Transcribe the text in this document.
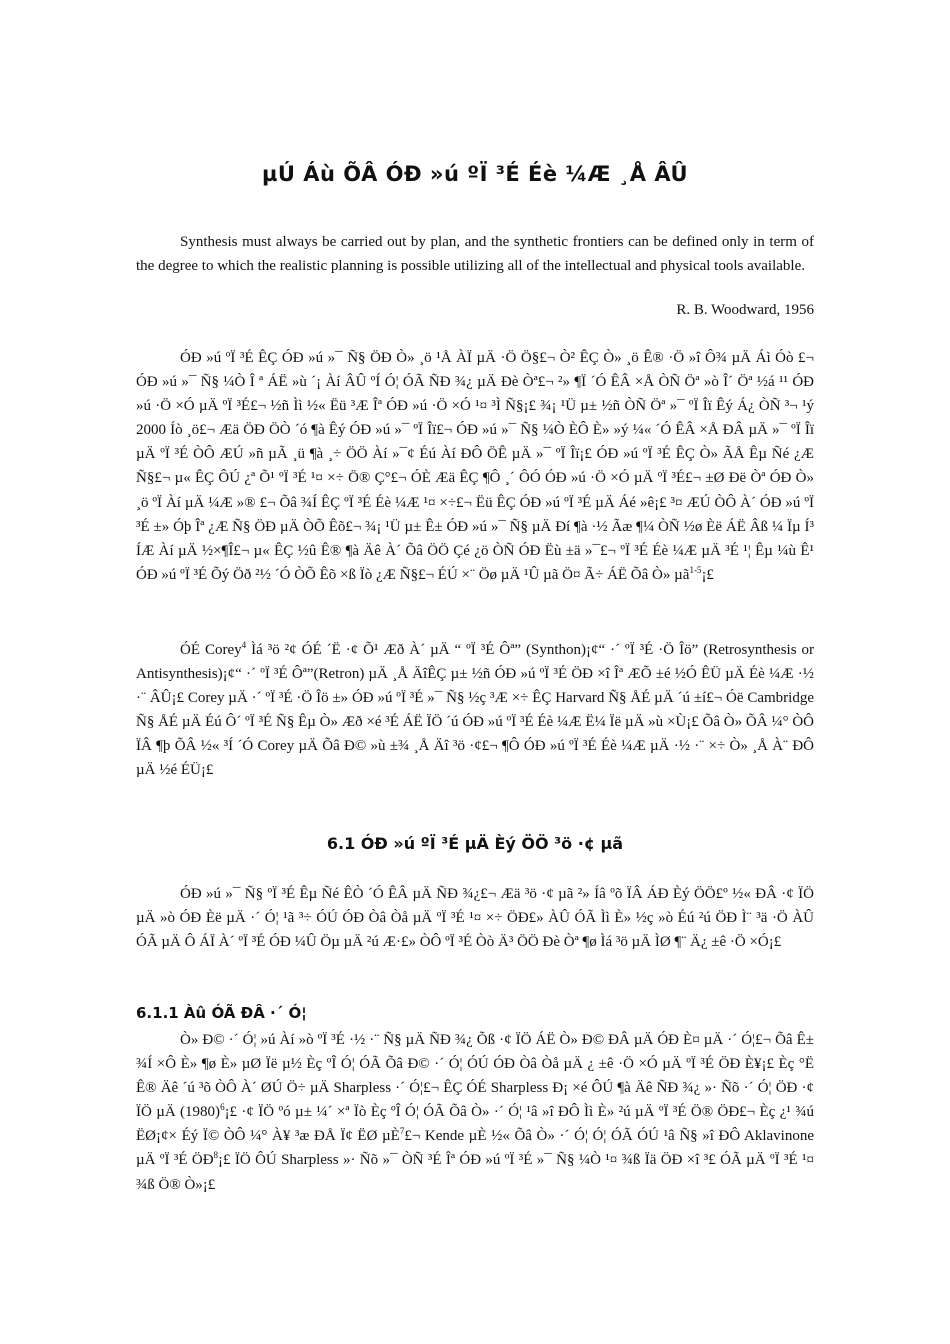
µÚ Áù ÕÂ ÓÐ »ú ºÏ ³É Éè ¼Æ ¸Å ÂÛ
Synthesis must always be carried out by plan, and the synthetic frontiers can be defined only in term of the degree to which the realistic planning is possible utilizing all of the intellectual and physical tools available.
R. B. Woodward, 1956
ÓÐ »ú ºÏ ³É ÊÇ ÓÐ »ú »¯ Ñ§ ÖÐ Ò» ¸ö ¹Å ÀÏ µÄ ·Ö Ö§£¬ Ò² ÊÇ Ò» ¸ö Ê® ·Ö »î Ô¾ µÄ Áì Óò £¬ ÓÐ »ú »¯ Ñ§ ¼Ò Î ª ÁË »ù ´¡ Àí ÂÛ ºÍ Ó¦ ÓÃ ÑÐ ¾¿ µÄ Ðè Òª£¬ ²» ¶Ï ´Ó ÊÂ ×Å ÒÑ Öª »ò Î´ Öª ½á ¹¹ ÓÐ »ú ·Ö ×Ó µÄ ºÏ ³É£¬ ½ñ Ìì ½« Ëü ³Æ Îª ÓÐ »ú ·Ö ×Ó ¹¤ ³Ì Ñ§¡£ ¾¡ ¹Ü µ± ½ñ ÒÑ Öª »¯ ºÏ Îï Êý Á¿ ÒÑ ³¬ ¹ý 2000 Íò ¸ö£¬ Æä ÖÐ ÖÒ ´ó ¶à Êý ÓÐ »ú »¯ ºÏ Îï£¬ ÓÐ »ú »¯ Ñ§ ¼Ò ÈÔ È» »ý ¼« ´Ó ÊÂ ×Å ÐÂ µÄ »¯ ºÏ Îï µÄ ºÏ ³É ÒÔ ÆÚ »ñ µÃ ¸ü ¶à ¸÷ ÖÖ Àí »¯¢ Éú Àí ÐÔ ÖÊ µÄ »¯ ºÏ Îï¡£ ÓÐ »ú ºÏ ³É ÊÇ Ò» ÃÅ Êµ Ñé ¿Æ Ñ§£¬ µ« ÊÇ ÔÚ ¿ª Õ¹ ºÏ ³É ¹¤ ×÷ Ö® Ç°£¬ ÓÈ Æä ÊÇ ¶Ô ¸´ ÔÓ ÓÐ »ú ·Ö ×Ó µÄ ºÏ ³É£¬ ±Ø Ðë Òª ÓÐ Ò» ¸ö ºÏ Àí µÄ ¼Æ »® £¬ Õâ ¾Í ÊÇ ºÏ ³É Éè ¼Æ ¹¤ ×÷£¬ Ëü ÊÇ ÓÐ »ú ºÏ ³É µÄ Áé »ê¡£ ³¤ ÆÚ ÒÔ À´ ÓÐ »ú ºÏ ³É ±» Óþ Îª ¿Æ Ñ§ ÖÐ µÄ ÒÕ Êõ£¬ ¾¡ ¹Ü µ± Ê± ÓÐ »ú »¯ Ñ§ µÄ Ðí ¶à ·½ Ãæ ¶¼ ÒÑ ½ø Èë ÁË Âß ¼ Ïµ Í³ ÍÆ Àí µÄ ½×¶Î£¬ µ« ÊÇ ½û Ê® ¶à Äê À´ Õâ ÖÖ Çé ¿ö ÒÑ ÓÐ Ëù ±ä »¯£¬ ºÏ ³É Éè ¼Æ µÄ ³É ¹¦ Êµ ¼ù Ê¹ ÓÐ »ú ºÏ ³É Õý Öð ²½ ´Ó ÒÕ Êõ ×ß Ïò ¿Æ Ñ§£¬ ÉÚ ×¨ Öø µÄ ¹Û µã Ö¤ Ã÷ ÁË Õâ Ò» µã$^{1-5}$¡£
ÓÉ Corey$^4$ Ìá ³ö ²¢ ÓÉ ´Ë ·¢ Õ¹ Æð À´ µÄ “ ºÏ ³É Ôª” (Synthon)¡¢“ ·´ ºÏ ³É ·Ö Îö” (Retrosynthesis or Antisynthesis)¡¢“ ·´ ºÏ ³É Ôª”(Retron) µÄ ¸Å ÄîÊÇ µ± ½ñ ÓÐ »ú ºÏ ³É ÖÐ ×î Îª ÆÕ ±é ½Ó ÊÜ µÄ Éè ¼Æ ·½ ·¨ ÂÛ¡£ Corey µÄ ·´ ºÏ ³É ·Ö Îö ±» ÓÐ »ú ºÏ ³É »¯ Ñ§ ½ç ³Æ ×÷ ÊÇ Harvard Ñ§ ÅÉ µÄ ´ú ±í£¬ Óë Cambridge Ñ§ ÅÉ µÄ Éú Ô´ ºÏ ³É Ñ§ Êµ Ò» Æð ×é ³É ÁË ÏÖ ´ú ÓÐ »ú ºÏ ³É Éè ¼Æ Ë¼ Ïë µÄ »ù ×Ù¡£ Õâ Ò» ÕÂ ¼° ÒÔ ÏÂ ¶þ ÕÂ ½« ³Í ´Ó Corey µÄ Õâ Ð© »ù ±¾ ¸Å Äî ³ö ·¢£¬ ¶Ô ÓÐ »ú ºÏ ³É Éè ¼Æ µÄ ·½ ·¨ ×÷ Ò» ¸Å À¨ ÐÔ µÄ ½é ÉÜ¡£
6.1 ÓÐ »ú ºÏ ³É µÄ Èý ÖÖ ³ö ·¢ µã
ÓÐ »ú »¯ Ñ§ ºÏ ³É Êµ Ñé ÊÒ ´Ó ÊÂ µÄ ÑÐ ¾¿£¬ Æä ³ö ·¢ µã ²» Íâ ºõ ÏÂ ÁÐ Èý ÖÖ£º ½« ÐÂ ·¢ ÏÖ µÄ »ò ÓÐ Èë µÄ ·´ Ó¦ ¹ã ³÷ ÓÚ ÓÐ Òâ Òå µÄ ºÏ ³É ¹¤ ×÷ ÖÐ£» ÀÛ ÓÃ Ìì È» ½ç »ò Éú ²ú ÖÐ Ì¨ ³ä ·Ö ÀÛ ÓÃ µÄ Ô ÁÏ À´ ºÏ ³É ÓÐ ¼Û Öµ µÄ ²ú Æ·£» ÒÔ ºÏ ³É Òò Ä³ ÖÖ Ðè Òª ¶ø Ìá ³ö µÄ ÌØ ¶¨ Ä¿ ±ê ·Ö ×Ó¡£
6.1.1 Àû ÓÃ ÐÂ ·´ Ó¦
Ò» Ð© ·´ Ó¦ »ú Àí »ò ºÏ ³É ·½ ·¨ Ñ§ µÄ ÑÐ ¾¿ Õß ·¢ ÏÖ ÁË Ò» Ð© ÐÂ µÄ ÓÐ È¤ µÄ ·´ Ó¦£¬ Õâ Ê± ¾Í ×Ô È» ¶ø È» µØ Ïë µ½ Èç ºÎ Ó¦ ÓÃ Õâ Ð© ·´ Ó¦ ÓÚ ÓÐ Òâ Òå µÄ ¿ ±ê ·Ö ×Ó µÄ ºÏ ³É ÖÐ È¥¡£ Èç °Ë Ê® Äê ´ú ³õ ÒÔ À´ ØÚ Ö÷ µÄ Sharpless ·´ Ó¦£¬ ÊÇ ÓÉ Sharpless Ð¡ ×é ÔÚ ¶à Äê ÑÐ ¾¿ »· Ñõ ·´ Ó¦ ÖÐ ·¢ ÏÖ µÄ $(1980)^6¡£$ ·¢ ÏÖ ºó µ± ¼´ ×ª Ïò Èç ºÎ Ó¦ ÓÃ Õâ Ò» ·´ Ó¦ ¹â »î ÐÔ Ìì È» ²ú µÄ ºÏ ³É Ö® ÖÐ£¬ Èç ¿¹ ¾ú ËØ¡¢× Éý Ï© ÒÔ ¼° À¥ ³æ ÐÅ Ï¢ ËØ µÈ$^7$£¬ Kende µÈ ½« Õâ Ò» ·´ Ó¦ Ó¦ ÓÃ ÓÚ ¹â Ñ§ »î ÐÔ Aklavinone µÄ ºÏ ³É $ÖÐ^8¡£$ ÏÖ ÔÚ Sharpless »· Ñõ »¯ ÒÑ ³É Îª ÓÐ »ú ºÏ ³É »¯ Ñ§ ¼Ò ¹¤ ¾ß Ïä ÖÐ ×î ³£ ÓÃ µÄ ºÏ ³É ¹¤ ¾ß Ö® Ò»¡£
